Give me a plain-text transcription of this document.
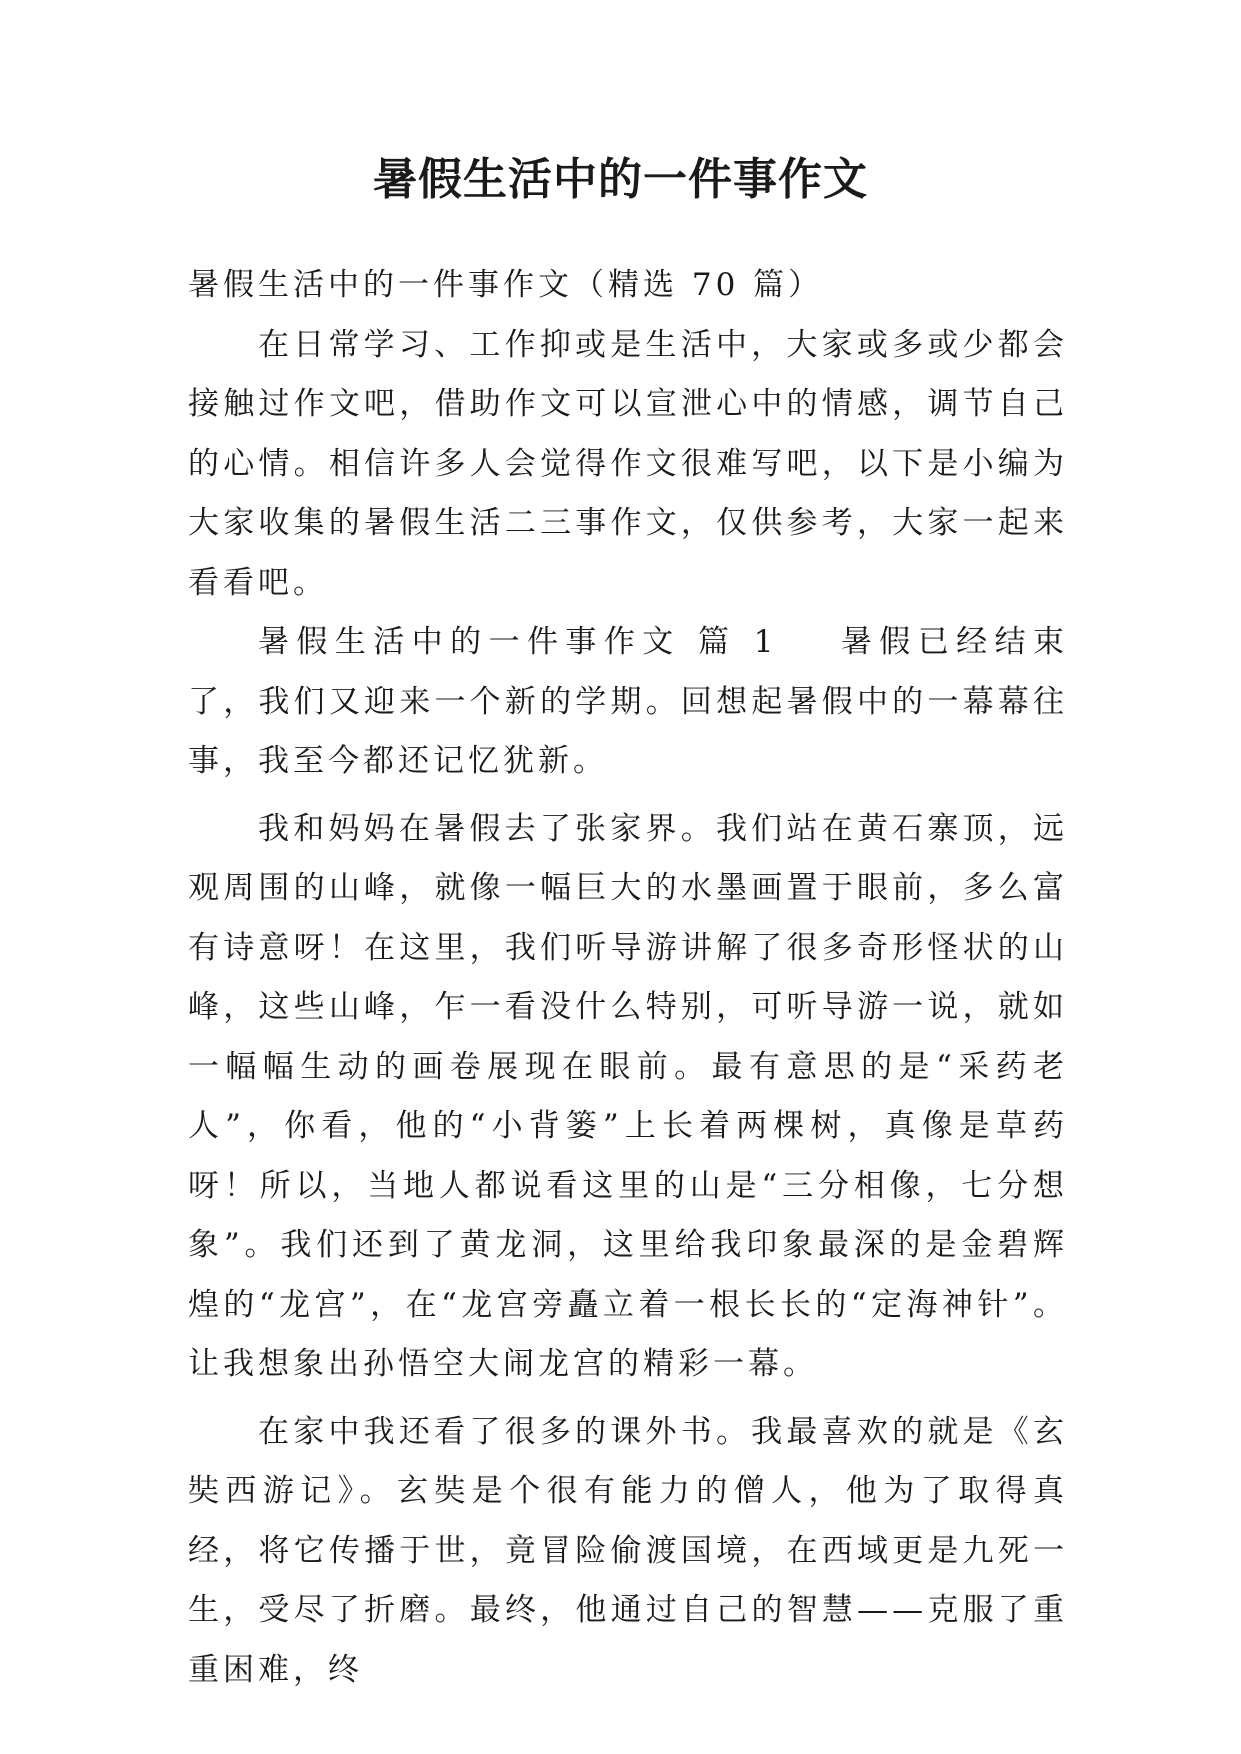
暑假生活中的一件事作文

暑假生活中的一件事作文（精选 70 篇）

在日常学习、工作抑或是生活中，大家或多或少都会接触过作文吧，借助作文可以宣泄心中的情感，调节自己的心情。相信许多人会觉得作文很难写吧，以下是小编为大家收集的暑假生活二三事作文，仅供参考，大家一起来看看吧。

暑假生活中的一件事作文 篇 1 暑假已经结束了，我们又迎来一个新的学期。回想起暑假中的一幕幕往事，我至今都还记忆犹新。

我和妈妈在暑假去了张家界。我们站在黄石寨顶，远观周围的山峰，就像一幅巨大的水墨画置于眼前，多么富有诗意呀！在这里，我们听导游讲解了很多奇形怪状的山峰，这些山峰，乍一看没什么特别，可听导游一说，就如一幅幅生动的画卷展现在眼前。最有意思的是“采药老人”，你看，他的“小背篓”上长着两棵树，真像是草药呀！所以，当地人都说看这里的山是“三分相像，七分想象”。我们还到了黄龙洞，这里给我印象最深的是金碧辉煌的“龙宫”，在“龙宫旁矗立着一根长长的“定海神针”。让我想象出孙悟空大闹龙宫的精彩一幕。

在家中我还看了很多的课外书。我最喜欢的就是《玄奘西游记》。玄奘是个很有能力的僧人，他为了取得真经，将它传播于世，竟冒险偷渡国境，在西域更是九死一生，受尽了折磨。最终，他通过自己的智慧——克服了重重困难，终
